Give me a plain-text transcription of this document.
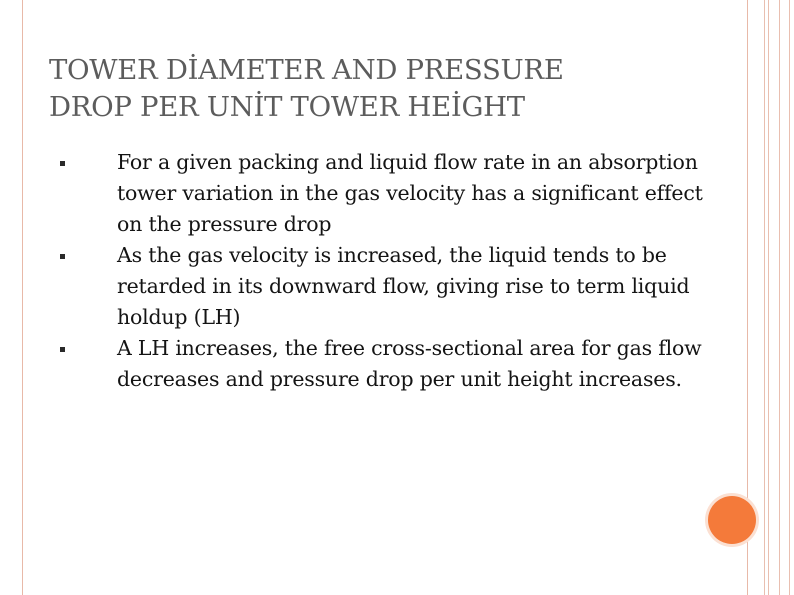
TOWER DİAMETER AND PRESSURE
DROP PER UNİT TOWER HEİGHT
For a given packing and liquid flow rate in an absorption tower variation in the gas velocity has a significant effect on the pressure drop
As the gas velocity is increased, the liquid tends to be retarded in its downward flow, giving rise to term liquid holdup (LH)
A LH increases, the free cross-sectional area for gas flow decreases and pressure drop per unit height increases.
